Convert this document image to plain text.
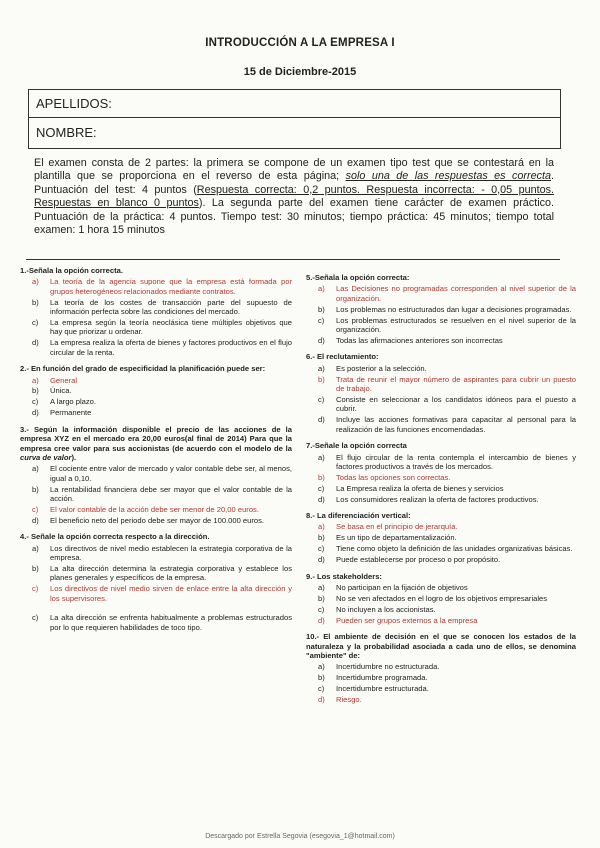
INTRODUCCIÓN A LA EMPRESA I
15 de Diciembre-2015
APELLIDOS:
NOMBRE:
El examen consta de 2 partes: la primera se compone de un examen tipo test que se contestará en la plantilla que se proporciona en el reverso de esta página; solo una de las respuestas es correcta. Puntuación del test: 4 puntos (Respuesta correcta: 0,2 puntos. Respuesta incorrecta: - 0,05 puntos. Respuestas en blanco 0 puntos). La segunda parte del examen tiene carácter de examen práctico. Puntuación de la práctica: 4 puntos. Tiempo test: 30 minutos; tiempo práctica: 45 minutos; tiempo total examen: 1 hora 15 minutos
1.-Señala la opción correcta.
a)	La teoría de la agencia supone que la empresa está formada por grupos heterogéneos relacionados mediante contratos.
b)	La teoría de los costes de transacción parte del supuesto de información perfecta sobre las condiciones del mercado.
c)	La empresa según la teoría neoclásica tiene múltiples objetivos que hay que priorizar u ordenar.
d)	La empresa realiza la oferta de bienes y factores productivos en el flujo circular de la renta.
2.- En función del grado de especificidad la planificación puede ser:
a)	General
b)	Única.
c)	A largo plazo.
d)	Permanente
3.- Según la información disponible el precio de las acciones de la empresa XYZ en el mercado era 20,00 euros(al final de 2014) Para que la empresa cree valor para sus accionistas (de acuerdo con el modelo de la curva de valor).
a)	El cociente entre valor de mercado y valor contable debe ser, al menos, igual a 0,10.
b)	La rentabilidad financiera debe ser mayor que el valor contable de la acción.
c)	El valor contable de la acción debe ser menor de 20,00 euros.
d)	El beneficio neto del periodo debe ser mayor de 100.000 euros.
4.- Señale la opción correcta respecto a la dirección.
a)	Los directivos de nivel medio establecen la estrategia corporativa de la empresa.
b)	La alta dirección determina la estrategia corporativa y establece los planes generales y específicos de la empresa.
c)	Los directivos de nivel medio sirven de enlace entre la alta dirección y los supervisores.
c)	La alta dirección se enfrenta habitualmente a problemas estructurados por lo que requieren habilidades de toco tipo.
5.-Señala la opción correcta:
a)	Las Decisiones no programadas corresponden al nivel superior de la organización.
b)	Los problemas no estructurados dan lugar a decisiones programadas.
c)	Los problemas estructurados se resuelven en el nivel superior de la organización.
d)	Todas las afirmaciones anteriores son incorrectas
6.- El reclutamiento:
a)	Es posterior a la selección.
b)	Trata de reunir el mayor número de aspirantes para cubrir un puesto de trabajo.
c)	Consiste en seleccionar a los candidatos idóneos para el puesto a cubrir.
d)	Incluye las acciones formativas para capacitar al personal para la realización de las funciones encomendadas.
7.-Señale la opción correcta
a)	El flujo circular de la renta contempla el intercambio de bienes y factores productivos a través de los mercados.
b)	Todas las opciones son correctas.
c)	La Empresa realiza la oferta de bienes y servicios
d)	Los consumidores realizan la oferta de factores productivos.
8.- La diferenciación vertical:
a)	Se basa en el principio de jerarquía.
b)	Es un tipo de departamentalización.
c)	Tiene como objeto la definición de las unidades organizativas básicas.
d)	Puede establecerse por proceso o por propósito.
9.- Los stakeholders:
a)	No participan en la fijación de objetivos
b)	No se ven afectados en el logro de los objetivos empresariales
c)	No incluyen a los accionistas.
d)	Pueden ser grupos externos a la empresa
10.- El ambiente de decisión en el que se conocen los estados de la naturaleza y la probabilidad asociada a cada uno de ellos, se denomina "ambiente" de:
a)	Incertidumbre no estructurada.
b)	Incertidumbre programada.
c)	Incertidumbre estructurada.
d)	Riesgo.
Descargado por Estrella Segovia (esegovia_1@hotmail.com)
